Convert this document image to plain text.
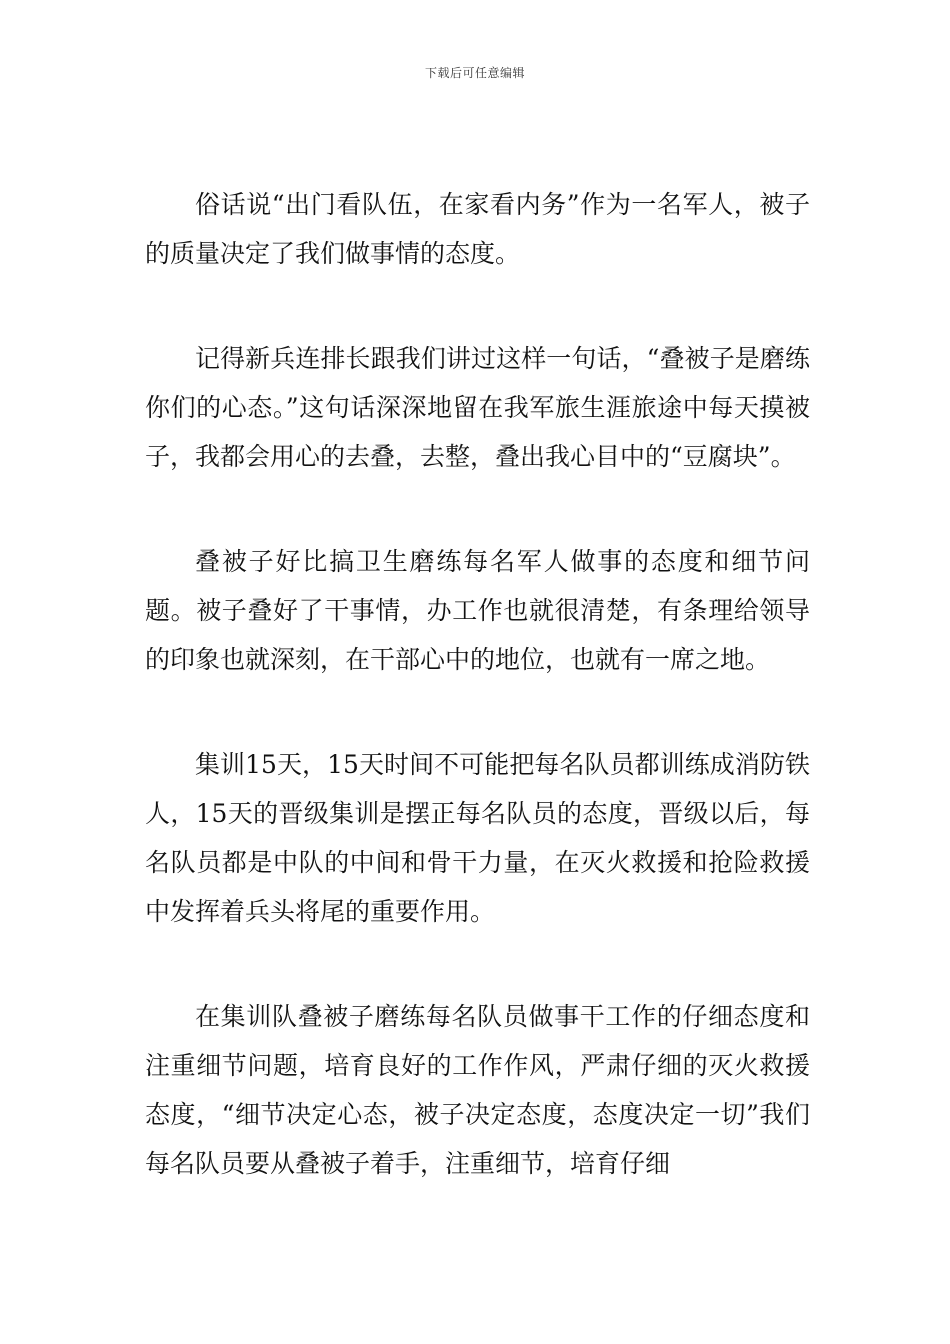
下载后可任意编辑

俗话说“出门看队伍，在家看内务”作为一名军人，被子的质量决定了我们做事情的态度。

记得新兵连排长跟我们讲过这样一句话，“叠被子是磨练你们的心态。”这句话深深地留在我军旅生涯旅途中每天摸被子，我都会用心的去叠，去整，叠出我心目中的“豆腐块”。

叠被子好比搞卫生磨练每名军人做事的态度和细节问题。被子叠好了干事情，办工作也就很清楚，有条理给领导的印象也就深刻，在干部心中的地位，也就有一席之地。

集训15天，15天时间不可能把每名队员都训练成消防铁人，15天的晋级集训是摆正每名队员的态度，晋级以后，每名队员都是中队的中间和骨干力量，在灭火救援和抢险救援中发挥着兵头将尾的重要作用。

在集训队叠被子磨练每名队员做事干工作的仔细态度和注重细节问题，培育良好的工作作风，严肃仔细的灭火救援态度，“细节决定心态，被子决定态度，态度决定一切”我们每名队员要从叠被子着手，注重细节，培育仔细
